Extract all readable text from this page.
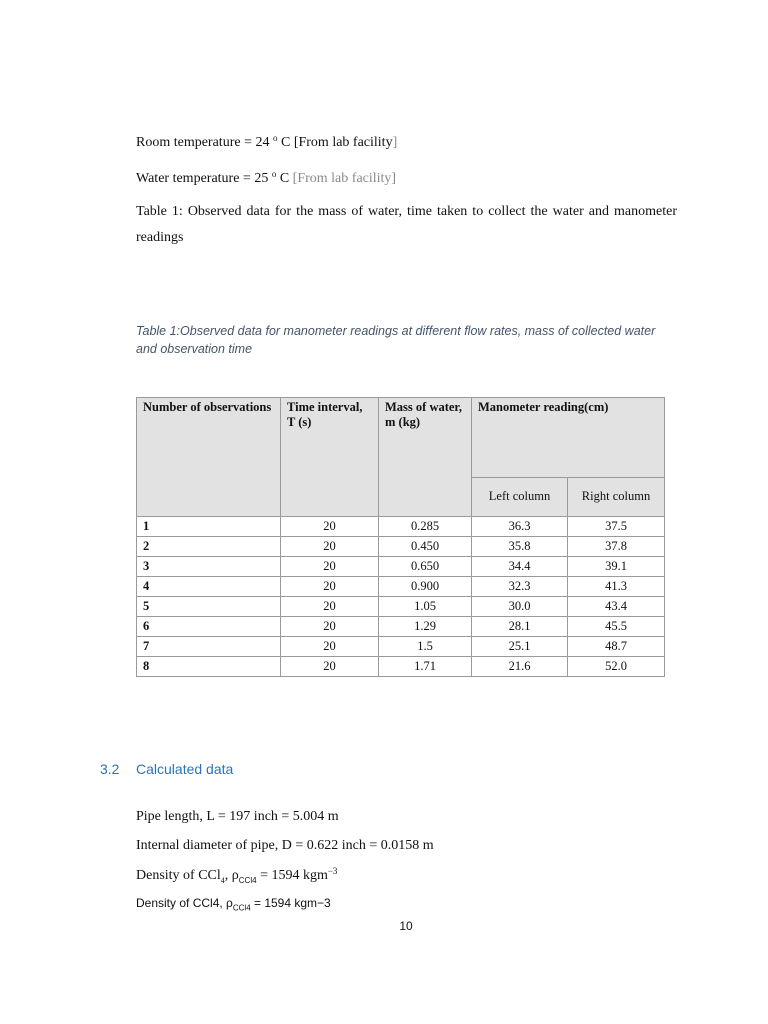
Room temperature = 24 $^o$ C [From lab facility]
Water temperature = 25 $^o$ C [From lab facility]
Table 1: Observed data for the mass of water, time taken to collect the water and manometer readings
Table 1:Observed data for manometer readings at different flow rates, mass of collected water and observation time
Number of observations	Time interval, T (s)	Mass of water, m (kg)	Manometer reading(cm)	
			Left column	Right column
1	20	0.285	36.3	37.5
2	20	0.450	35.8	37.8
3	20	0.650	34.4	39.1
4	20	0.900	32.3	41.3
5	20	1.05	30.0	43.4
6	20	1.29	28.1	45.5
7	20	1.5	25.1	48.7
8	20	1.71	21.6	52.0
3.2 Calculated data
Pipe length, L = 197 inch = 5.004 m
Internal diameter of pipe, D = 0.622 inch = 0.0158 m
Density of CCl$_4$, $\rho_{CCl4} = 1594$ kgm$^{-3}$
Density of CCl4, $\rho_{CCl4} = 1594$ kgm−3
10
